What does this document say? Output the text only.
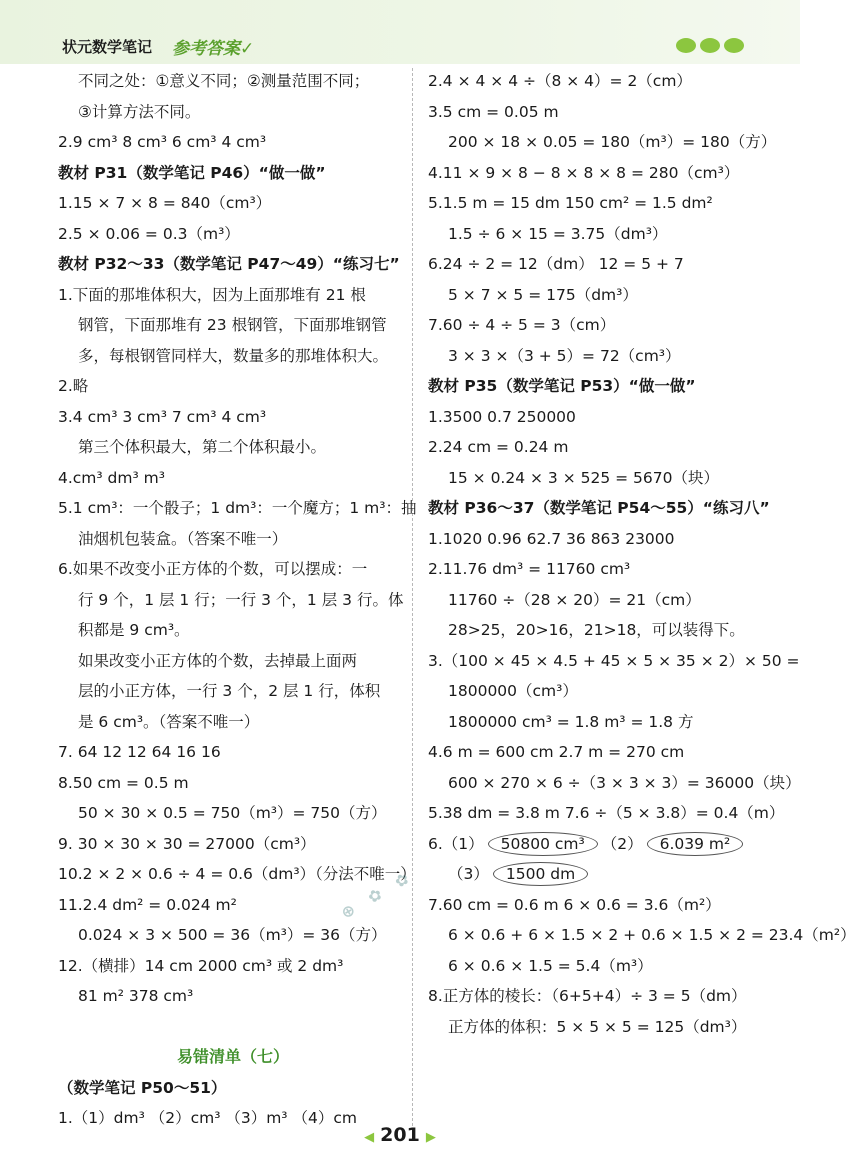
状元数学笔记 参考答案✓
不同之处：①意义不同；②测量范围不同；
③计算方法不同。
2.9 cm³ 8 cm³ 6 cm³ 4 cm³
教材 P31（数学笔记 P46）“做一做”
1.15 × 7 × 8 = 840（cm³）
2.5 × 0.06 = 0.3（m³）
教材 P32～33（数学笔记 P47～49）“练习七”
1.下面的那堆体积大，因为上面那堆有 21 根
钢管，下面那堆有 23 根钢管，下面那堆钢管
多，每根钢管同样大，数量多的那堆体积大。
2.略
3.4 cm³ 3 cm³ 7 cm³ 4 cm³
第三个体积最大，第二个体积最小。
4.cm³ dm³ m³
5.1 cm³：一个骰子；1 dm³：一个魔方；1 m³：抽
油烟机包装盒。（答案不唯一）
6.如果不改变小正方体的个数，可以摆成：一
行 9 个，1 层 1 行；一行 3 个，1 层 3 行。体
积都是 9 cm³。
如果改变小正方体的个数，去掉最上面两
层的小正方体，一行 3 个，2 层 1 行，体积
是 6 cm³。（答案不唯一）
7. 64 12 12 64 16 16
8.50 cm = 0.5 m
50 × 30 × 0.5 = 750（m³）= 750（方）
9. 30 × 30 × 30 = 27000（cm³）
10.2 × 2 × 0.6 ÷ 4 = 0.6（dm³）（分法不唯一）
11.2.4 dm² = 0.024 m²
0.024 × 3 × 500 = 36（m³）= 36（方）
12.（横排）14 cm 2000 cm³ 或 2 dm³
81 m² 378 cm³
易错清单（七）
（数学笔记 P50～51）
1.（1）dm³ （2）cm³ （3）m³ （4）cm
2.4 × 4 × 4 ÷（8 × 4）= 2（cm）
3.5 cm = 0.05 m
200 × 18 × 0.05 = 180（m³）= 180（方）
4.11 × 9 × 8 − 8 × 8 × 8 = 280（cm³）
5.1.5 m = 15 dm 150 cm² = 1.5 dm²
1.5 ÷ 6 × 15 = 3.75（dm³）
6.24 ÷ 2 = 12（dm） 12 = 5 + 7
5 × 7 × 5 = 175（dm³）
7.60 ÷ 4 ÷ 5 = 3（cm）
3 × 3 ×（3 + 5）= 72（cm³）
教材 P35（数学笔记 P53）“做一做”
1.3500 0.7 250000
2.24 cm = 0.24 m
15 × 0.24 × 3 × 525 = 5670（块）
教材 P36～37（数学笔记 P54～55）“练习八”
1.1020 0.96 62.7 36 863 23000
2.11.76 dm³ = 11760 cm³
11760 ÷（28 × 20）= 21（cm）
28>25，20>16，21>18，可以装得下。
3.（100 × 45 × 4.5 + 45 × 5 × 35 × 2）× 50 =
1800000（cm³）
1800000 cm³ = 1.8 m³ = 1.8 方
4.6 m = 600 cm 2.7 m = 270 cm
600 × 270 × 6 ÷（3 × 3 × 3）= 36000（块）
5.38 dm = 3.8 m 7.6 ÷（5 × 3.8）= 0.4（m）
6.（1） 50800 cm³ （2） 6.039 m²
（3） 1500 dm
7.60 cm = 0.6 m 6 × 0.6 = 3.6（m²）
6 × 0.6 + 6 × 1.5 × 2 + 0.6 × 1.5 × 2 = 23.4（m²）
6 × 0.6 × 1.5 = 5.4（m³）
8.正方体的棱长：（6+5+4）÷ 3 = 5（dm）
正方体的体积：5 × 5 × 5 = 125（dm³）
⊕ ✿ ✿
◀ 201 ▶
